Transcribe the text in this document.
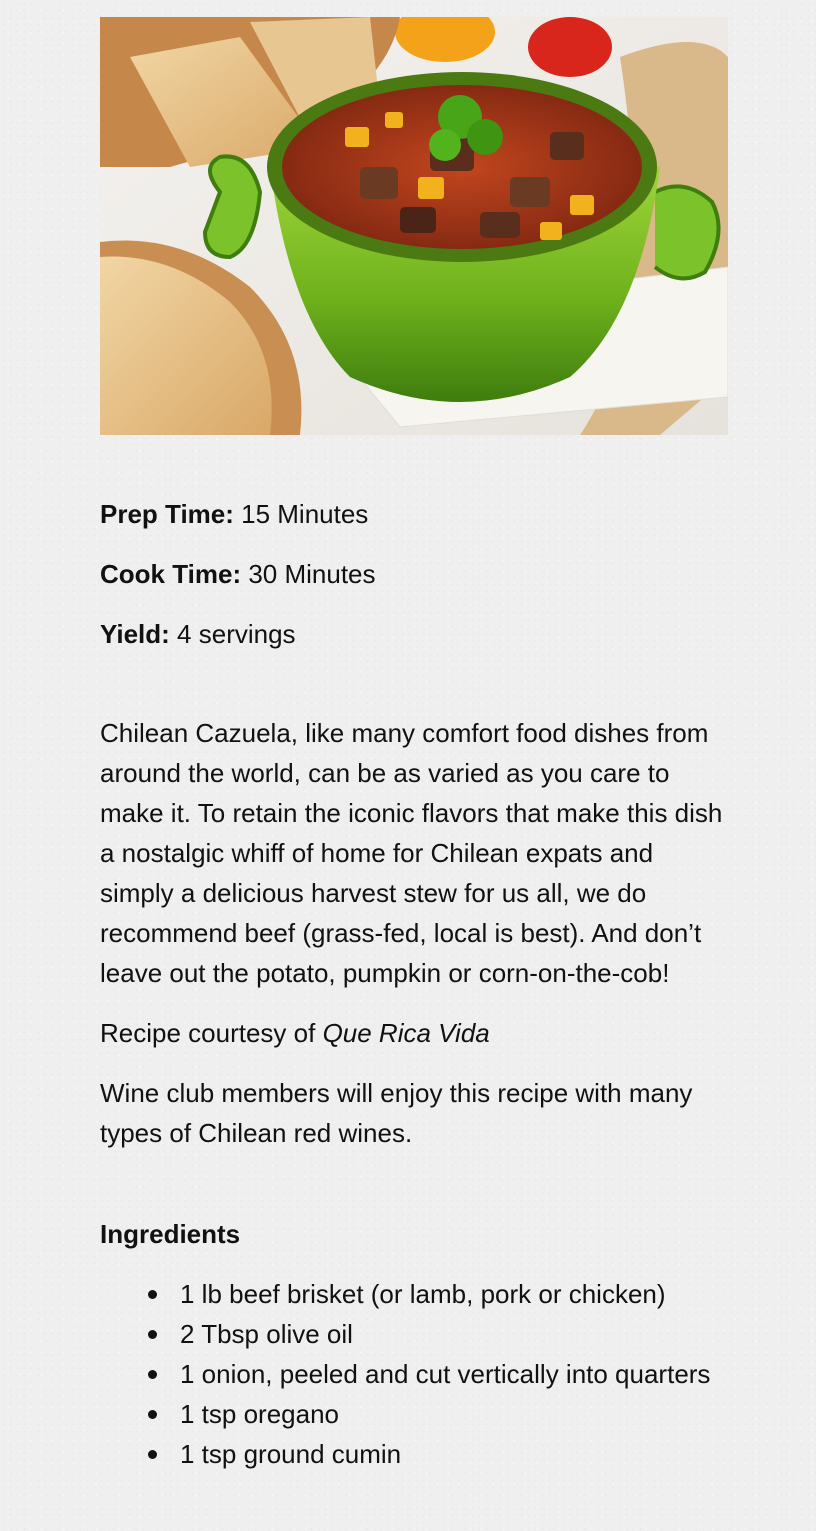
Prep Time: 15 Minutes

Cook Time: 30 Minutes

Yield: 4 servings

Chilean Cazuela, like many comfort food dishes from around the world, can be as varied as you care to make it. To retain the iconic flavors that make this dish a nostalgic whiff of home for Chilean expats and simply a delicious harvest stew for us all, we do recommend beef (grass-fed, local is best). And don’t leave out the potato, pumpkin or corn-on-the-cob!

Recipe courtesy of Que Rica Vida

Wine club members will enjoy this recipe with many types of Chilean red wines.

Ingredients

1 lb beef brisket (or lamb, pork or chicken)
2 Tbsp olive oil
1 onion, peeled and cut vertically into quarters
1 tsp oregano
1 tsp ground cumin
